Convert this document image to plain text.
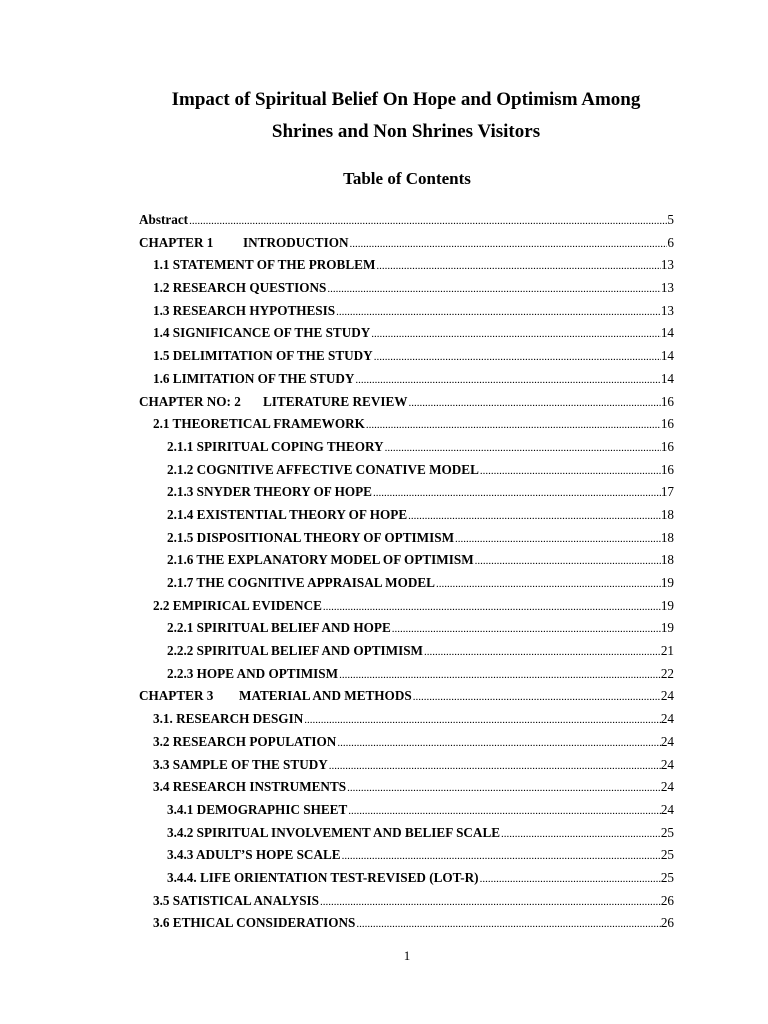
Impact of Spiritual Belief On Hope and Optimism Among
Shrines and Non Shrines Visitors
Table of Contents
Abstract .....	5
CHAPTER 1 INTRODUCTION .....	6
1.1 STATEMENT OF THE PROBLEM .....	13
1.2 RESEARCH QUESTIONS .....	13
1.3 RESEARCH HYPOTHESIS .....	13
1.4 SIGNIFICANCE OF THE STUDY .....	14
1.5 DELIMITATION OF THE STUDY .....	14
1.6 LIMITATION OF THE STUDY .....	14
CHAPTER NO: 2 LITERATURE REVIEW .....	16
2.1 THEORETICAL FRAMEWORK .....	16
2.1.1 SPIRITUAL COPING THEORY .....	16
2.1.2 COGNITIVE AFFECTIVE CONATIVE MODEL .....	16
2.1.3 SNYDER THEORY OF HOPE .....	17
2.1.4 EXISTENTIAL THEORY OF HOPE .....	18
2.1.5 DISPOSITIONAL THEORY OF OPTIMISM .....	18
2.1.6 THE EXPLANATORY MODEL OF OPTIMISM .....	18
2.1.7 THE COGNITIVE APPRAISAL MODEL .....	19
2.2 EMPIRICAL EVIDENCE .....	19
2.2.1 SPIRITUAL BELIEF AND HOPE .....	19
2.2.2 SPIRITUAL BELIEF AND OPTIMISM .....	21
2.2.3 HOPE AND OPTIMISM .....	22
CHAPTER 3 MATERIAL AND METHODS .....	24
3.1. RESEARCH DESGIN .....	24
3.2 RESEARCH POPULATION .....	24
3.3 SAMPLE OF THE STUDY .....	24
3.4 RESEARCH INSTRUMENTS .....	24
3.4.1 DEMOGRAPHIC SHEET .....	24
3.4.2 SPIRITUAL INVOLVEMENT AND BELIEF SCALE .....	25
3.4.3 ADULT’S HOPE SCALE .....	25
3.4.4. LIFE ORIENTATION TEST-REVISED (LOT-R) .....	25
3.5 SATISTICAL ANALYSIS .....	26
3.6 ETHICAL CONSIDERATIONS .....	26
1
